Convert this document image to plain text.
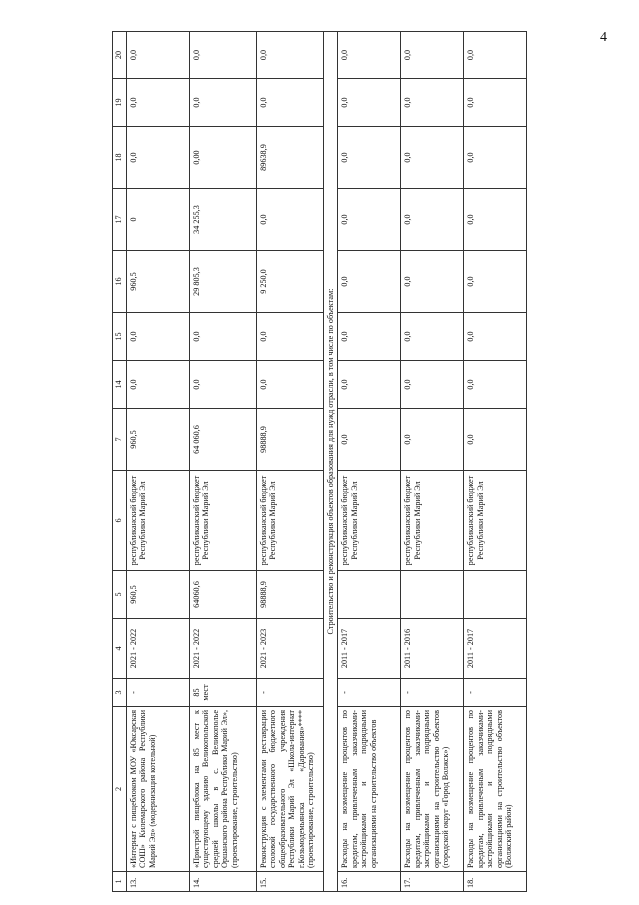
4
1	2	3	4	5	6	7	14	15	16	17	18	19	20
13.	«Интернат с пищеблоком МОУ «Юксарская СОШ» Килемарского района Республики Марий Эл» (модернизация котельной)	-	2021 - 2022	960,5	республиканский бюджет Республики Марий Эл	960,5	0,0	0,0	960,5	0	0,0	0,0	0,0
14.	«Пристрой пищеблока на 85 мест к существующему зданию Великопольской средней школы в с. Великополье Оршанского района Республики Марий Эл», (проектирование, строительство)	85 мест	2021 - 2022	64060,6	республиканский бюджет Республики Марий Эл	64 060,6	0,0	0,0	29 805,3	34 255,3	0,00	0,0	0,0
15.	Реконструкция с элементами реставрации столовой государственного бюджетного общеобразовательного учреждения Республики Марий Эл «Школа-интернат г.Козьмодемьянска «Дарования»**** (проектирование, строительство)	-	2021 - 2023	98888,9	республиканский бюджет Республики Марий Эл	98888,9	0,0	0,0	9 250,0	0,0	89638,9	0,0	0,0
Строительство и реконструкция объектов образования для нужд отрасли, в том числе по объектам:													
16.	Расходы на возмещение процентов по кредитам, привлеченным заказчиками-застройщиками и подрядными организациями на строительство объектов	-	2011 - 2017		республиканский бюджет Республики Марий Эл	0,0	0,0	0,0	0,0	0,0	0,0	0,0	0,0
17.	Расходы на возмещение процентов по кредитам, привлеченным заказчиками-застройщиками и подрядными организациями на строительство объектов (городской округ «Город Волжск»)	-	2011 - 2016		республиканский бюджет Республики Марий Эл	0,0	0,0	0,0	0,0	0,0	0,0	0,0	0,0
18.	Расходы на возмещение процентов по кредитам, привлеченным заказчиками-застройщиками и подрядными организациями на строительство объектов (Волжский район)	-	2011 - 2017		республиканский бюджет Республики Марий Эл	0,0	0,0	0,0	0,0	0,0	0,0	0,0	0,0
